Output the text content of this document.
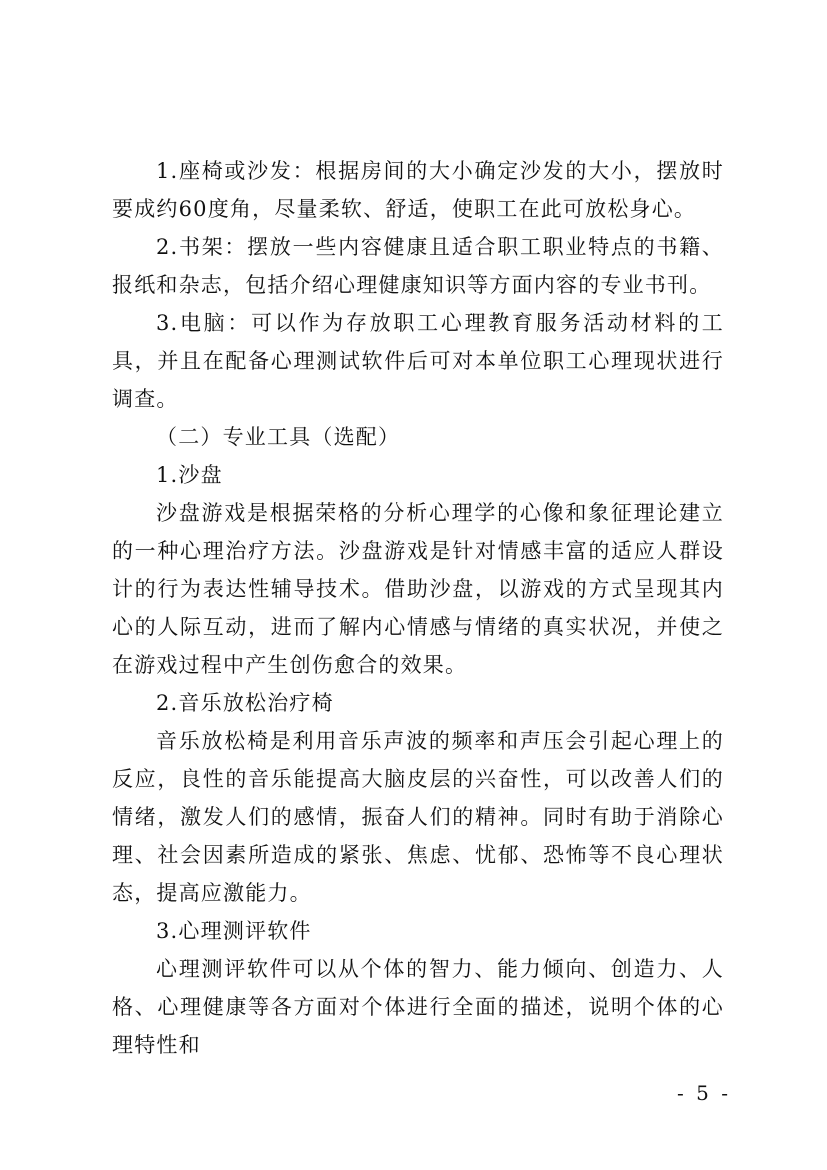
1.座椅或沙发：根据房间的大小确定沙发的大小，摆放时要成约60度角，尽量柔软、舒适，使职工在此可放松身心。

2.书架：摆放一些内容健康且适合职工职业特点的书籍、报纸和杂志，包括介绍心理健康知识等方面内容的专业书刊。

3.电脑：可以作为存放职工心理教育服务活动材料的工具，并且在配备心理测试软件后可对本单位职工心理现状进行调查。

（二）专业工具（选配）

1.沙盘

沙盘游戏是根据荣格的分析心理学的心像和象征理论建立的一种心理治疗方法。沙盘游戏是针对情感丰富的适应人群设计的行为表达性辅导技术。借助沙盘，以游戏的方式呈现其内心的人际互动，进而了解内心情感与情绪的真实状况，并使之在游戏过程中产生创伤愈合的效果。

2.音乐放松治疗椅

音乐放松椅是利用音乐声波的频率和声压会引起心理上的反应，良性的音乐能提高大脑皮层的兴奋性，可以改善人们的情绪，激发人们的感情，振奋人们的精神。同时有助于消除心理、社会因素所造成的紧张、焦虑、忧郁、恐怖等不良心理状态，提高应激能力。

3.心理测评软件

心理测评软件可以从个体的智力、能力倾向、创造力、人格、心理健康等各方面对个体进行全面的描述，说明个体的心理特性和

- 5 -
